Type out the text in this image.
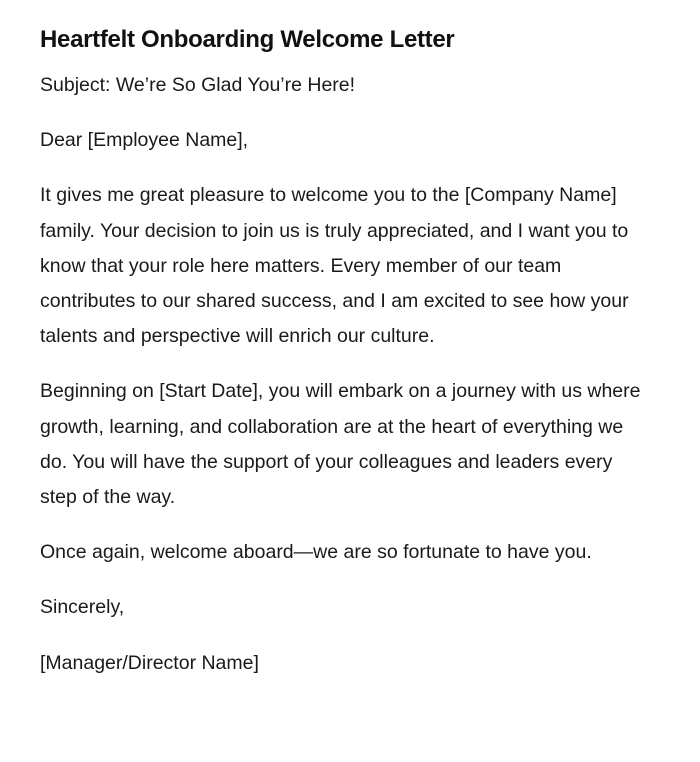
Heartfelt Onboarding Welcome Letter

Subject: We’re So Glad You’re Here!

Dear [Employee Name],

It gives me great pleasure to welcome you to the [Company Name] family. Your decision to join us is truly appreciated, and I want you to know that your role here matters. Every member of our team contributes to our shared success, and I am excited to see how your talents and perspective will enrich our culture.

Beginning on [Start Date], you will embark on a journey with us where growth, learning, and collaboration are at the heart of everything we do. You will have the support of your colleagues and leaders every step of the way.

Once again, welcome aboard—we are so fortunate to have you.

Sincerely,

[Manager/Director Name]
